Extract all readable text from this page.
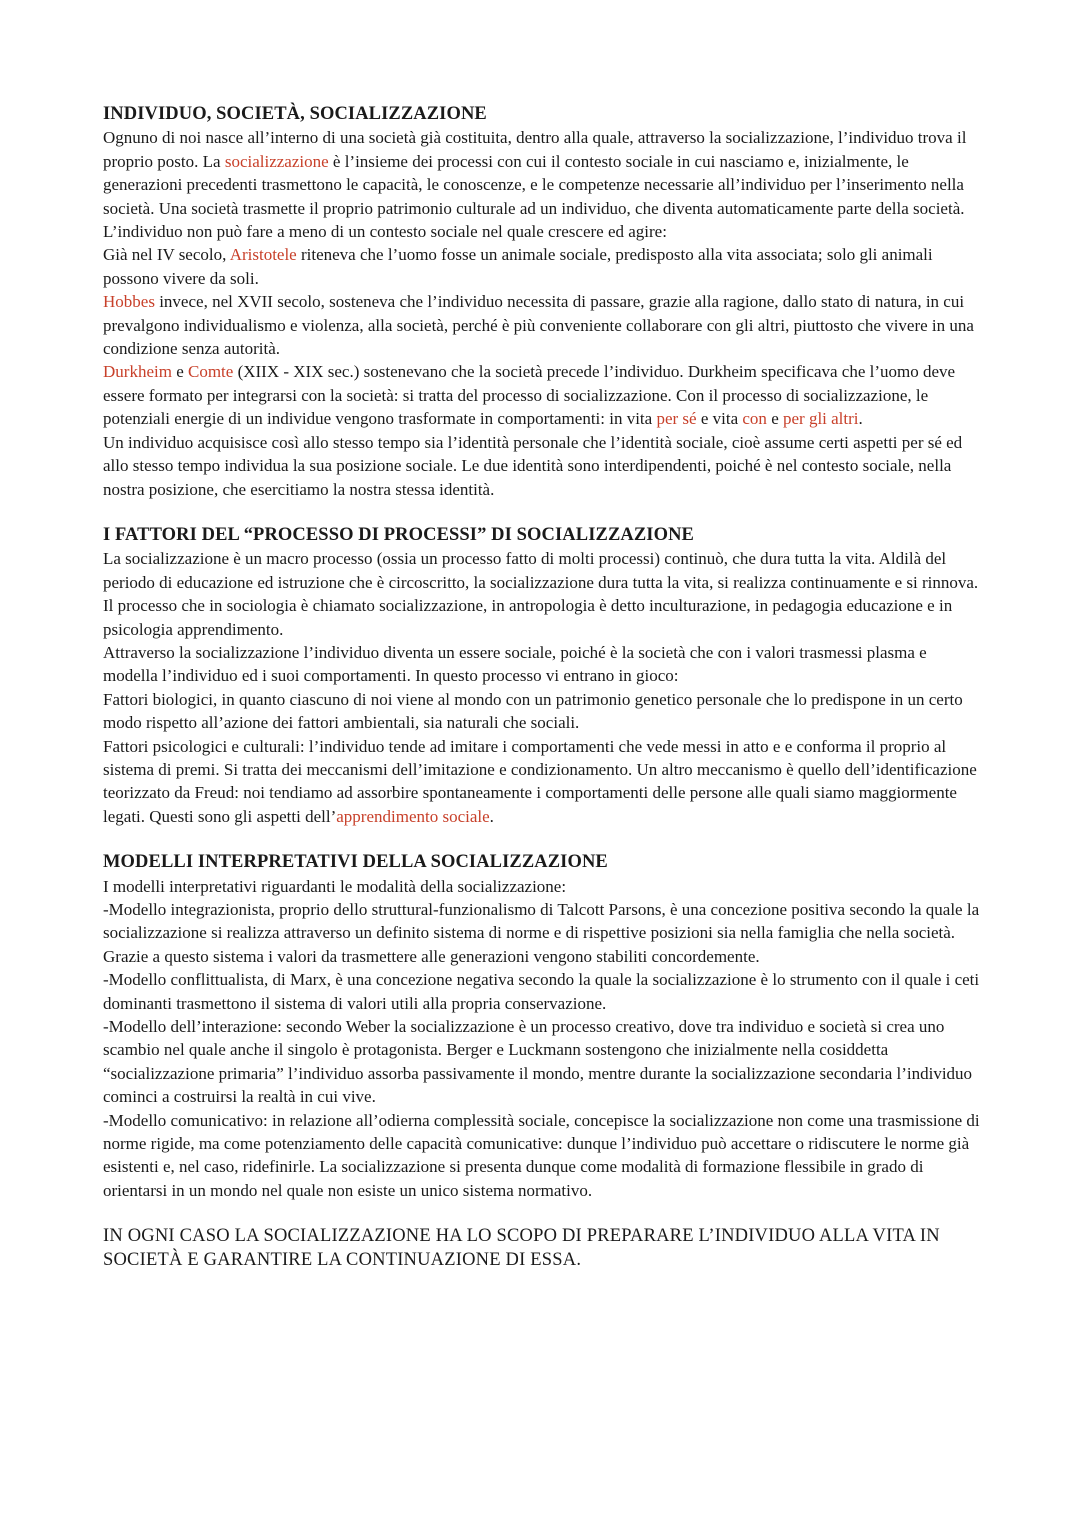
INDIVIDUO, SOCIETÀ, SOCIALIZZAZIONE

Ognuno di noi nasce all’interno di una società già costituita, dentro alla quale, attraverso la socializzazione, l’individuo trova il proprio posto. La socializzazione è l’insieme dei processi con cui il contesto sociale in cui nasciamo e, inizialmente, le generazioni precedenti trasmettono le capacità, le conoscenze, e le competenze necessarie all’individuo per l’inserimento nella società. Una società trasmette il proprio patrimonio culturale ad un individuo, che diventa automaticamente parte della società.

L’individuo non può fare a meno di un contesto sociale nel quale crescere ed agire:

Già nel IV secolo, Aristotele riteneva che l’uomo fosse un animale sociale, predisposto alla vita associata; solo gli animali possono vivere da soli.

Hobbes invece, nel XVII secolo, sosteneva che l’individuo necessita di passare, grazie alla ragione, dallo stato di natura, in cui prevalgono individualismo e violenza, alla società, perché è più conveniente collaborare con gli altri, piuttosto che vivere in una condizione senza autorità.

Durkheim e Comte (XIIX - XIX sec.) sostenevano che la società precede l’individuo. Durkheim specificava che l’uomo deve essere formato per integrarsi con la società: si tratta del processo di socializzazione. Con il processo di socializzazione, le potenziali energie di un individue vengono trasformate in comportamenti: in vita per sé e vita con e per gli altri.

Un individuo acquisisce così allo stesso tempo sia l’identità personale che l’identità sociale, cioè assume certi aspetti per sé ed allo stesso tempo individua la sua posizione sociale. Le due identità sono interdipendenti, poiché è nel contesto sociale, nella nostra posizione, che esercitiamo la nostra stessa identità.

I FATTORI DEL “PROCESSO DI PROCESSI” DI SOCIALIZZAZIONE

La socializzazione è un macro processo (ossia un processo fatto di molti processi) continuò, che dura tutta la vita. Aldilà del periodo di educazione ed istruzione che è circoscritto, la socializzazione dura tutta la vita, si realizza continuamente e si rinnova. Il processo che in sociologia è chiamato socializzazione, in antropologia è detto inculturazione, in pedagogia educazione e in psicologia apprendimento.

Attraverso la socializzazione l’individuo diventa un essere sociale, poiché è la società che con i valori trasmessi plasma e modella l’individuo ed i suoi comportamenti. In questo processo vi entrano in gioco:

Fattori biologici, in quanto ciascuno di noi viene al mondo con un patrimonio genetico personale che lo predispone in un certo modo rispetto all’azione dei fattori ambientali, sia naturali che sociali.

Fattori psicologici e culturali: l’individuo tende ad imitare i comportamenti che vede messi in atto e e conforma il proprio al sistema di premi. Si tratta dei meccanismi dell’imitazione e condizionamento. Un altro meccanismo è quello dell’identificazione teorizzato da Freud: noi tendiamo ad assorbire spontaneamente i comportamenti delle persone alle quali siamo maggiormente legati. Questi sono gli aspetti dell’apprendimento sociale.

MODELLI INTERPRETATIVI DELLA SOCIALIZZAZIONE

I modelli interpretativi riguardanti le modalità della socializzazione:

-Modello integrazionista, proprio dello struttural-funzionalismo di Talcott Parsons, è una concezione positiva secondo la quale la socializzazione si realizza attraverso un definito sistema di norme e di rispettive posizioni sia nella famiglia che nella società. Grazie a questo sistema i valori da trasmettere alle generazioni vengono stabiliti concordemente.

-Modello conflittualista, di Marx, è una concezione negativa secondo la quale la socializzazione è lo strumento con il quale i ceti dominanti trasmettono il sistema di valori utili alla propria conservazione.

-Modello dell’interazione: secondo Weber la socializzazione è un processo creativo, dove tra individuo e società si crea uno scambio nel quale anche il singolo è protagonista. Berger e Luckmann sostengono che inizialmente nella cosiddetta “socializzazione primaria” l’individuo assorba passivamente il mondo, mentre durante la socializzazione secondaria l’individuo cominci a costruirsi la realtà in cui vive.

-Modello comunicativo: in relazione all’odierna complessità sociale, concepisce la socializzazione non come una trasmissione di norme rigide, ma come potenziamento delle capacità comunicative: dunque l’individuo può accettare o ridiscutere le norme già esistenti e, nel caso, ridefinirle. La socializzazione si presenta dunque come modalità di formazione flessibile in grado di orientarsi in un mondo nel quale non esiste un unico sistema normativo.

IN OGNI CASO LA SOCIALIZZAZIONE HA LO SCOPO DI PREPARARE L’INDIVIDUO ALLA VITA IN SOCIETÀ E GARANTIRE LA CONTINUAZIONE DI ESSA.
